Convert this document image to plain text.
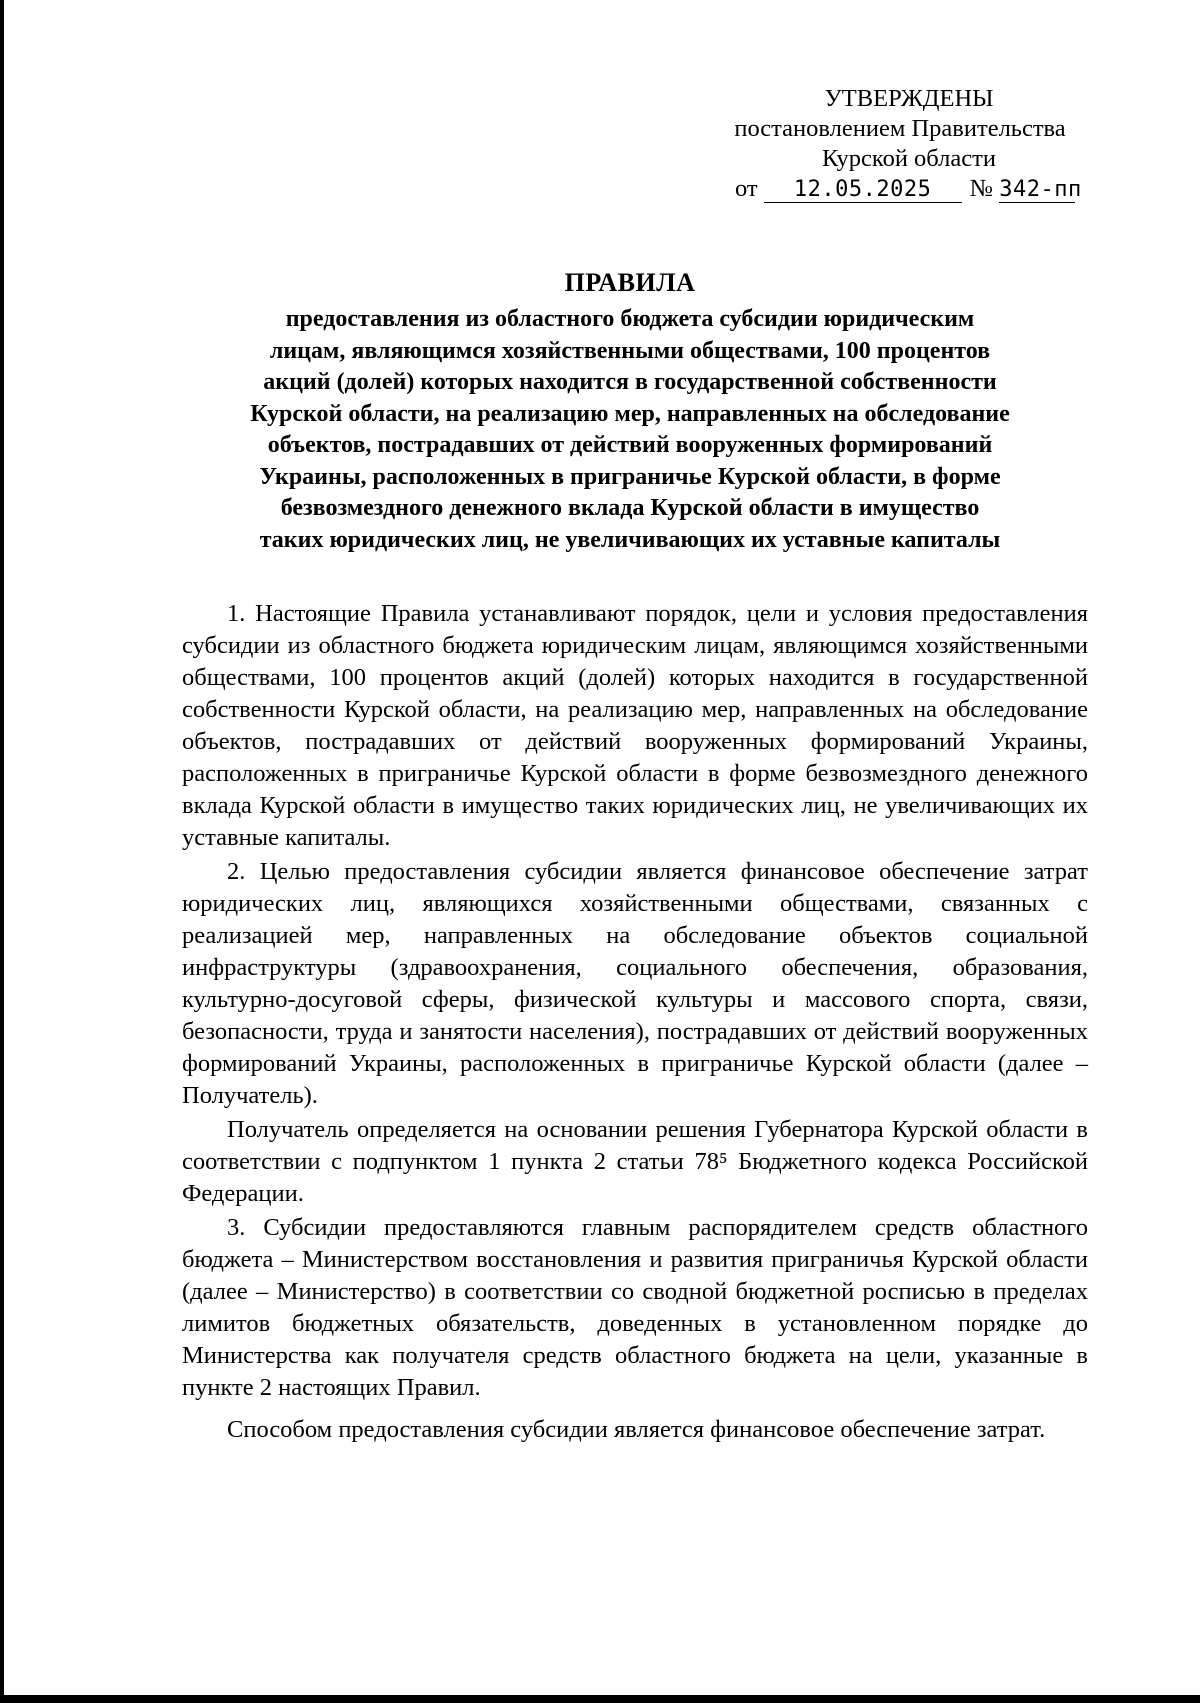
УТВЕРЖДЕНЫ
постановлением Правительства
Курской области
от 12.05.2025 № 342-пп
ПРАВИЛА
предоставления из областного бюджета субсидии юридическим
лицам, являющимся хозяйственными обществами, 100 процентов
акций (долей) которых находится в государственной собственности
Курской области, на реализацию мер, направленных на обследование
объектов, пострадавших от действий вооруженных формирований
Украины, расположенных в приграничье Курской области, в форме
безвозмездного денежного вклада Курской области в имущество
таких юридических лиц, не увеличивающих их уставные капиталы

1. Настоящие Правила устанавливают порядок, цели и условия предоставления субсидии из областного бюджета юридическим лицам, являющимся хозяйственными обществами, 100 процентов акций (долей) которых находится в государственной собственности Курской области, на реализацию мер, направленных на обследование объектов, пострадавших от действий вооруженных формирований Украины, расположенных в приграничье Курской области в форме безвозмездного денежного вклада Курской области в имущество таких юридических лиц, не увеличивающих их уставные капиталы.

2. Целью предоставления субсидии является финансовое обеспечение затрат юридических лиц, являющихся хозяйственными обществами, связанных с реализацией мер, направленных на обследование объектов социальной инфраструктуры (здравоохранения, социального обеспечения, образования, культурно-досуговой сферы, физической культуры и массового спорта, связи, безопасности, труда и занятости населения), пострадавших от действий вооруженных формирований Украины, расположенных в приграничье Курской области (далее – Получатель).

Получатель определяется на основании решения Губернатора Курской области в соответствии с подпунктом 1 пункта 2 статьи 78⁵ Бюджетного кодекса Российской Федерации.

3. Субсидии предоставляются главным распорядителем средств областного бюджета – Министерством восстановления и развития приграничья Курской области (далее – Министерство) в соответствии со сводной бюджетной росписью в пределах лимитов бюджетных обязательств, доведенных в установленном порядке до Министерства как получателя средств областного бюджета на цели, указанные в пункте 2 настоящих Правил.

Способом предоставления субсидии является финансовое обеспечение затрат.
